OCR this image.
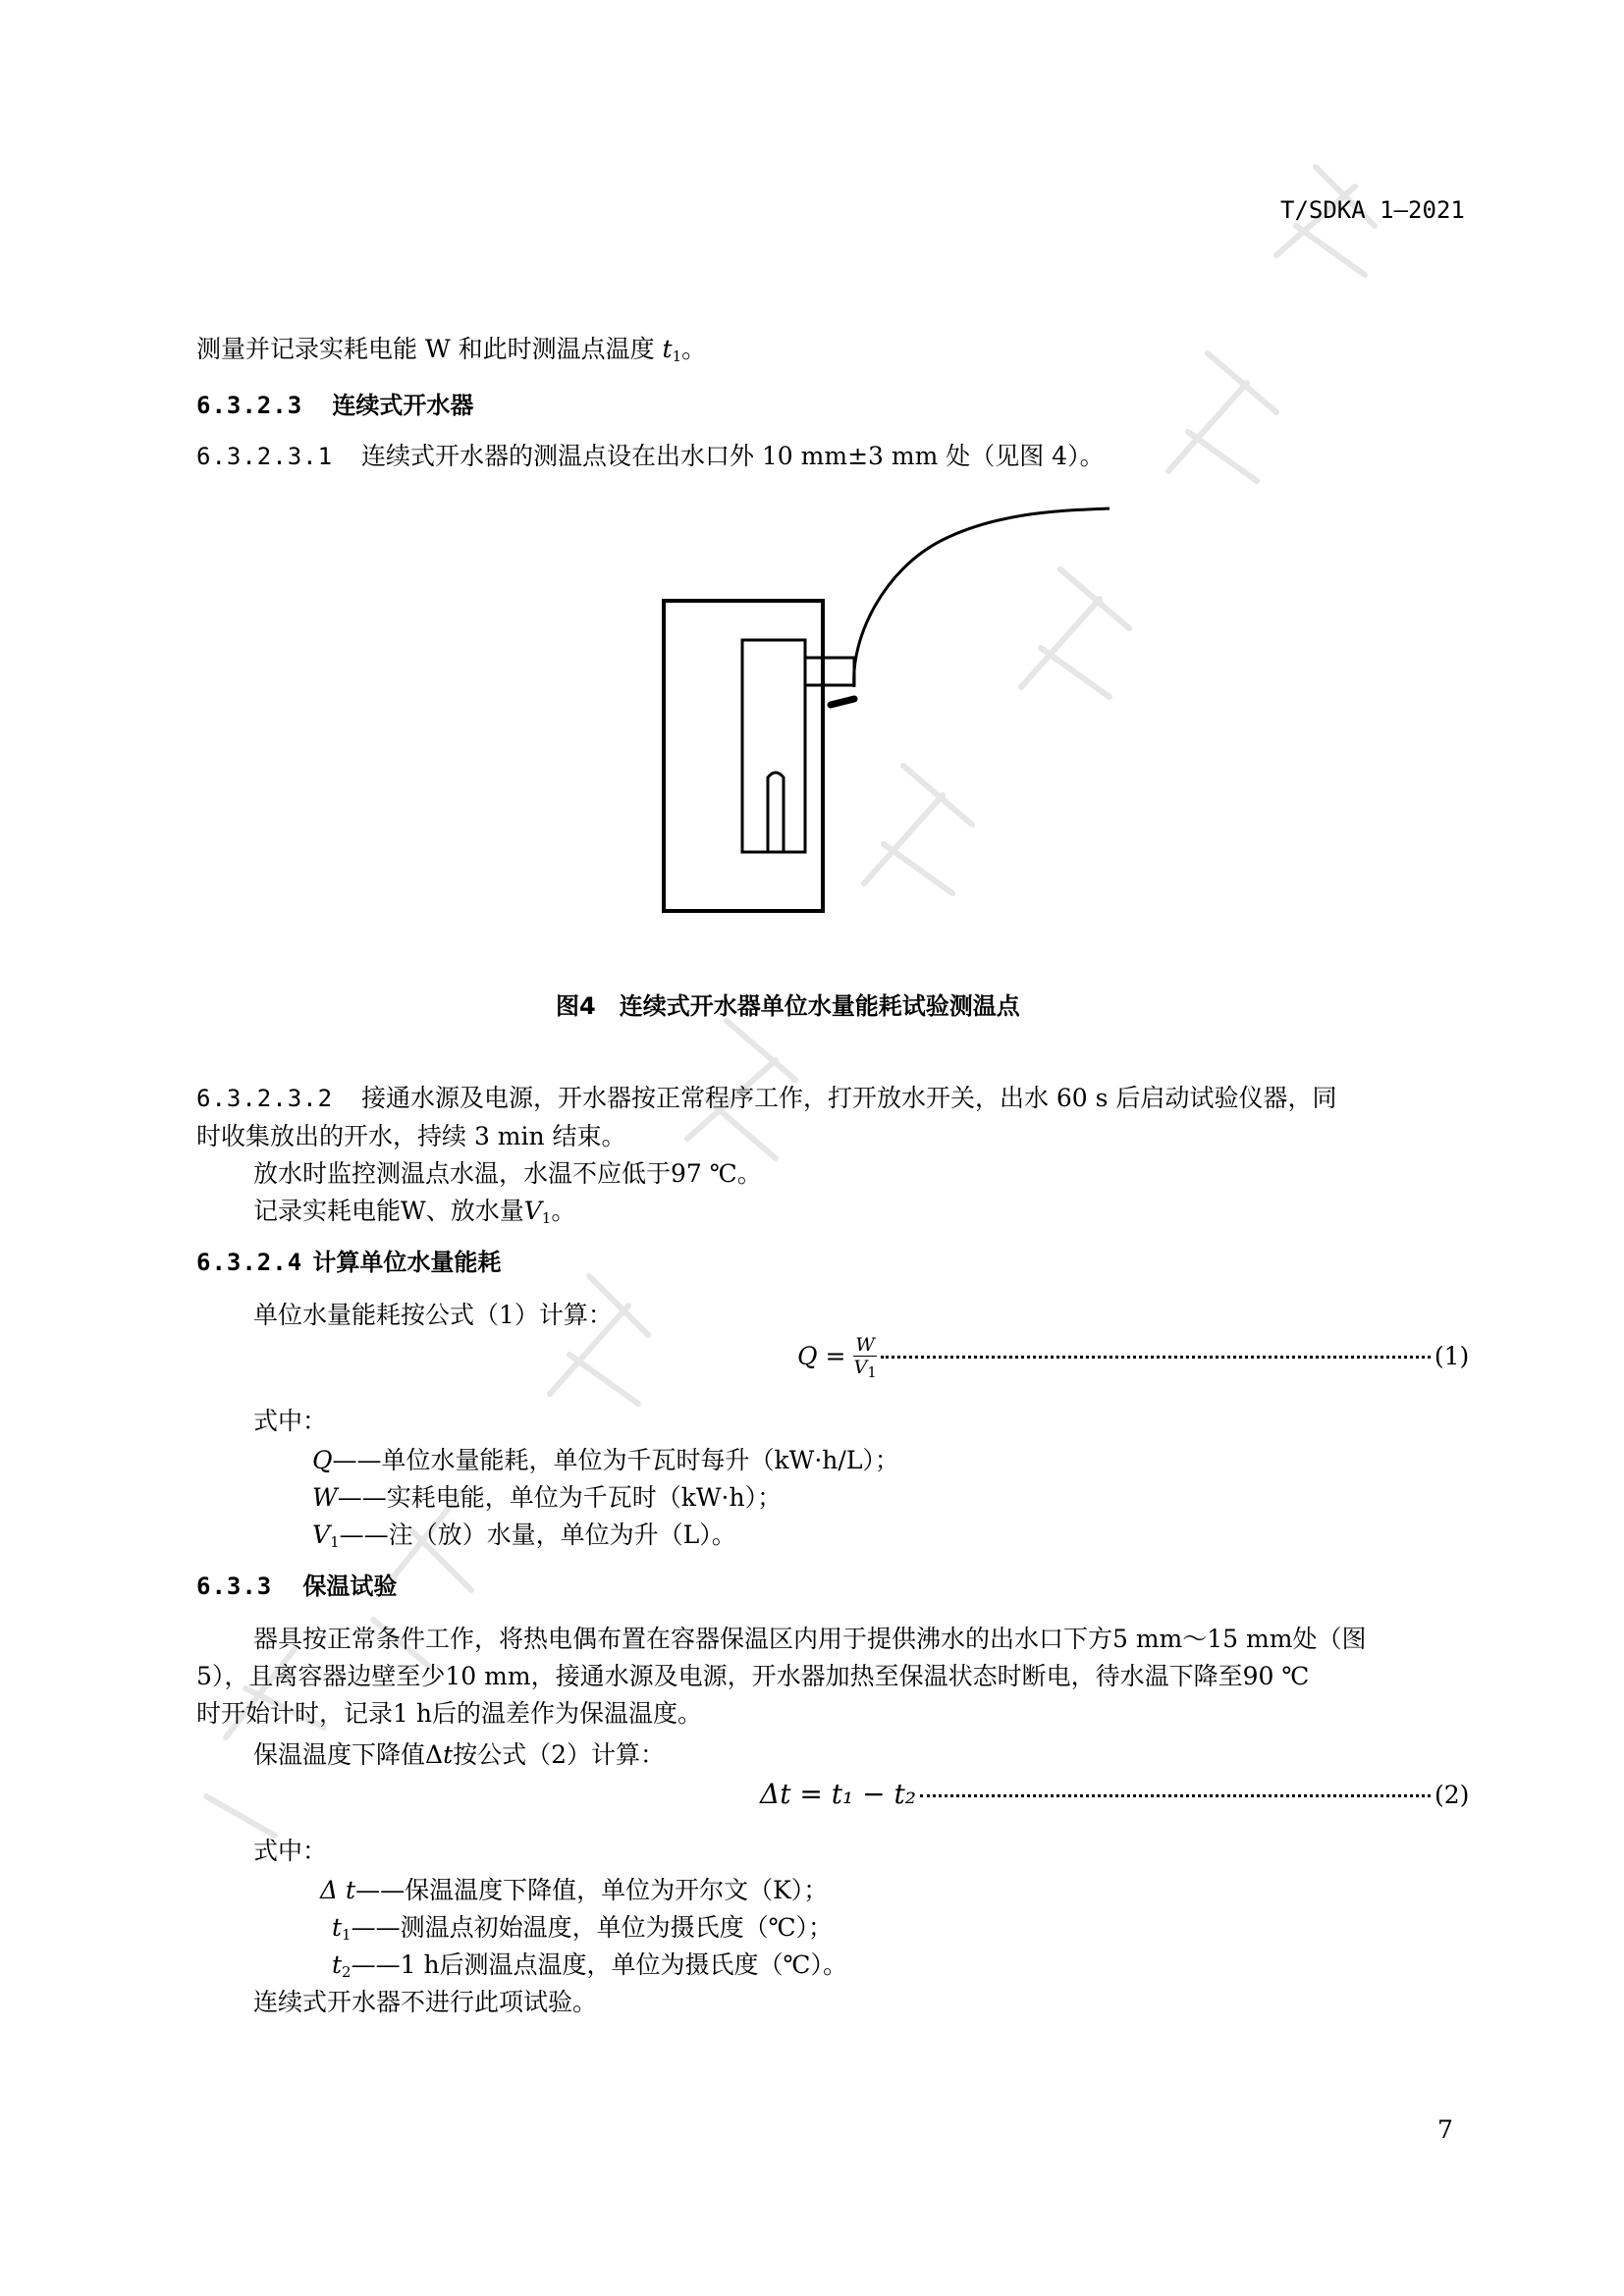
T/SDKA 1—2021
测量并记录实耗电能 W 和此时测温点温度 $t_1$。
6.3.2.3 连续式开水器
6.3.2.3.1 连续式开水器的测温点设在出水口外 10 mm±3 mm 处（见图 4）。
图4　连续式开水器单位水量能耗试验测温点
6.3.2.3.2 接通水源及电源，开水器按正常程序工作，打开放水开关，出水 60 s 后启动试验仪器，同
时收集放出的开水，持续 3 min 结束。
放水时监控测温点水温，水温不应低于97 ℃。
记录实耗电能W、放水量$V_1$。
6.3.2.4 计算单位水量能耗
单位水量能耗按公式（1）计算：
$Q = \frac{W}{V_1}$	(1)
式中：
Q——单位水量能耗，单位为千瓦时每升（kW·h/L）；
W——实耗电能，单位为千瓦时（kW·h）；
$V_1——$注（放）水量，单位为升（L）。
6.3.3 保温试验
器具按正常条件工作，将热电偶布置在容器保温区内用于提供沸水的出水口下方5 mm～15 mm处（图
5），且离容器边壁至少10 mm，接通水源及电源，开水器加热至保温状态时断电，待水温下降至90 ℃
时开始计时，记录1 h后的温差作为保温温度。
保温温度下降值Δt按公式（2）计算：
Δt = t₁ − t₂	(2)
式中：
Δ t——保温温度下降值，单位为开尔文（K）；
$t_1——$测温点初始温度，单位为摄氏度（℃）；
$t_2——1$ h后测温点温度，单位为摄氏度（℃）。
连续式开水器不进行此项试验。
7
